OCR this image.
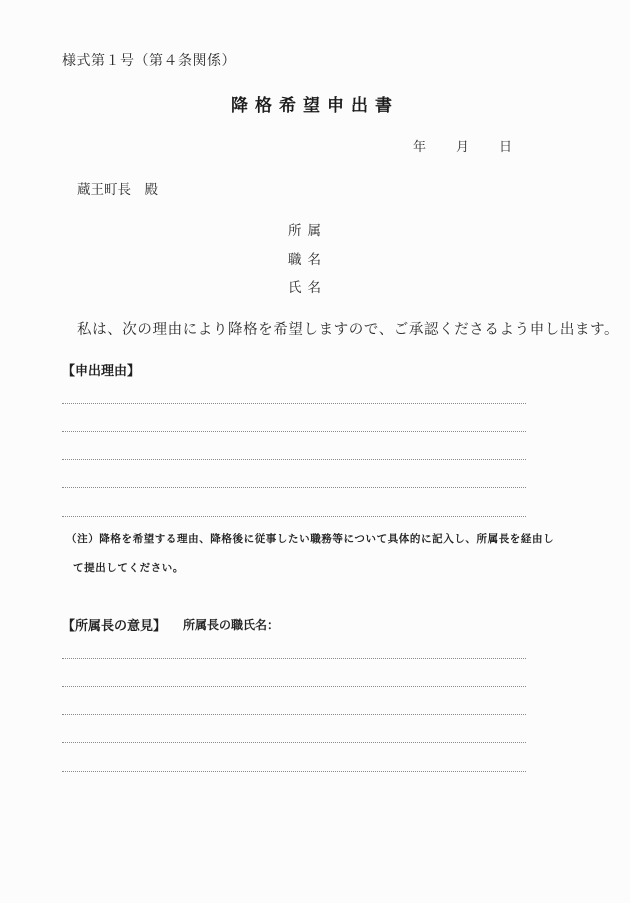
様式第１号（第４条関係）
降格希望申出書
年 月 日
蔵王町長　殿
所属
職名
氏名
私は、次の理由により降格を希望しますので、ご承認くださるよう申し出ます。
【申出理由】
（注）降格を希望する理由、降格後に従事したい職務等について具体的に記入し、所属長を経由し
て提出してください。
【所属長の意見】 所属長の職氏名：
